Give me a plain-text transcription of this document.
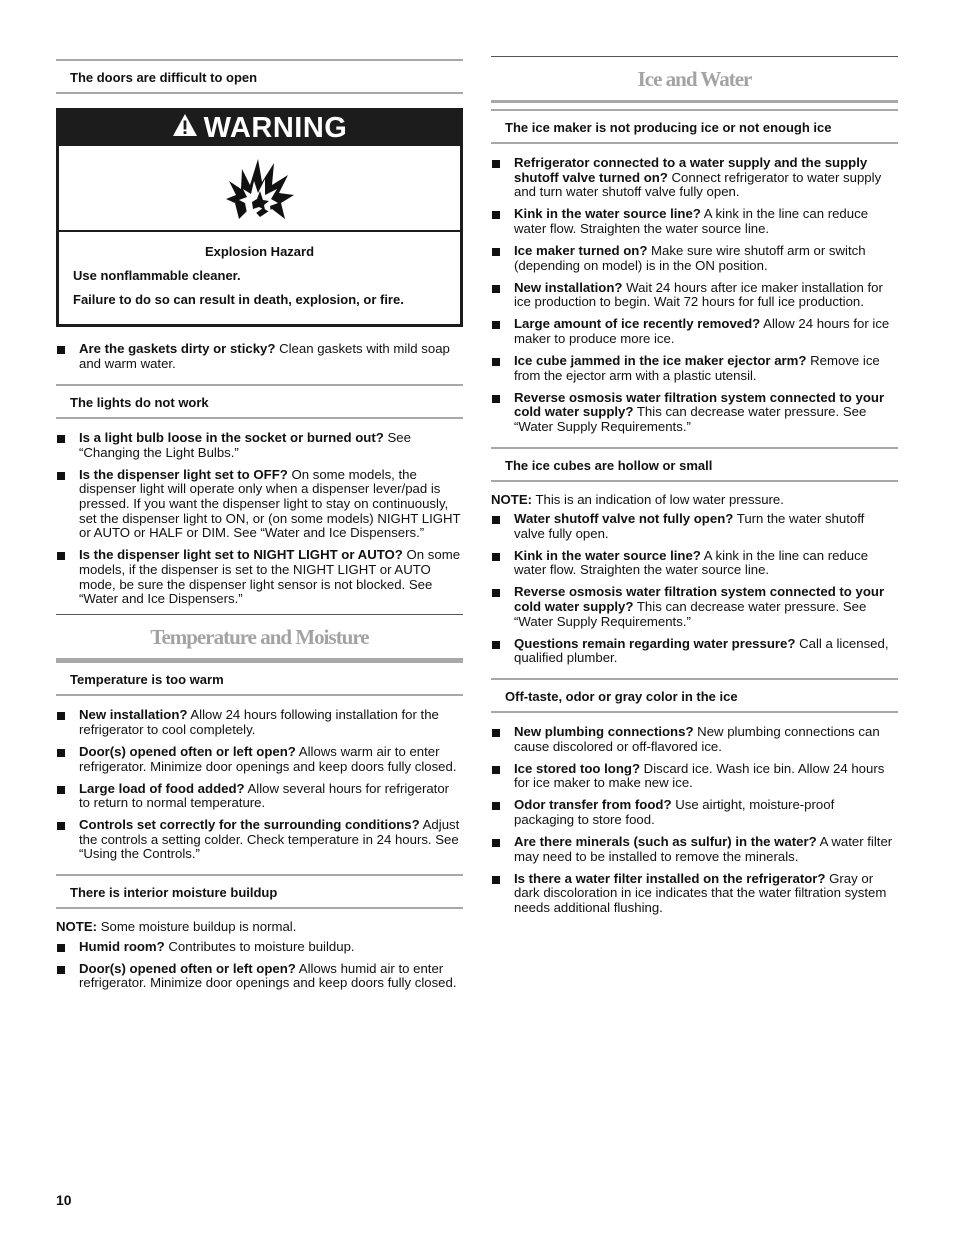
The doors are difficult to open
WARNING
Explosion Hazard
Use nonflammable cleaner.
Failure to do so can result in death, explosion, or fire.
Are the gaskets dirty or sticky? Clean gaskets with mild soap and warm water.
The lights do not work
Is a light bulb loose in the socket or burned out? See “Changing the Light Bulbs.”
Is the dispenser light set to OFF? On some models, the dispenser light will operate only when a dispenser lever/pad is pressed. If you want the dispenser light to stay on continuously, set the dispenser light to ON, or (on some models) NIGHT LIGHT or AUTO or HALF or DIM. See “Water and Ice Dispensers.”
Is the dispenser light set to NIGHT LIGHT or AUTO? On some models, if the dispenser is set to the NIGHT LIGHT or AUTO mode, be sure the dispenser light sensor is not blocked. See “Water and Ice Dispensers.”
Temperature and Moisture
Temperature is too warm
New installation? Allow 24 hours following installation for the refrigerator to cool completely.
Door(s) opened often or left open? Allows warm air to enter refrigerator. Minimize door openings and keep doors fully closed.
Large load of food added? Allow several hours for refrigerator to return to normal temperature.
Controls set correctly for the surrounding conditions? Adjust the controls a setting colder. Check temperature in 24 hours. See “Using the Controls.”
There is interior moisture buildup
NOTE: Some moisture buildup is normal.
Humid room? Contributes to moisture buildup.
Door(s) opened often or left open? Allows humid air to enter refrigerator. Minimize door openings and keep doors fully closed.
Ice and Water
The ice maker is not producing ice or not enough ice
Refrigerator connected to a water supply and the supply shutoff valve turned on? Connect refrigerator to water supply and turn water shutoff valve fully open.
Kink in the water source line? A kink in the line can reduce water flow. Straighten the water source line.
Ice maker turned on? Make sure wire shutoff arm or switch (depending on model) is in the ON position.
New installation? Wait 24 hours after ice maker installation for ice production to begin. Wait 72 hours for full ice production.
Large amount of ice recently removed? Allow 24 hours for ice maker to produce more ice.
Ice cube jammed in the ice maker ejector arm? Remove ice from the ejector arm with a plastic utensil.
Reverse osmosis water filtration system connected to your cold water supply? This can decrease water pressure. See “Water Supply Requirements.”
The ice cubes are hollow or small
NOTE: This is an indication of low water pressure.
Water shutoff valve not fully open? Turn the water shutoff valve fully open.
Kink in the water source line? A kink in the line can reduce water flow. Straighten the water source line.
Reverse osmosis water filtration system connected to your cold water supply? This can decrease water pressure. See “Water Supply Requirements.”
Questions remain regarding water pressure? Call a licensed, qualified plumber.
Off-taste, odor or gray color in the ice
New plumbing connections? New plumbing connections can cause discolored or off-flavored ice.
Ice stored too long? Discard ice. Wash ice bin. Allow 24 hours for ice maker to make new ice.
Odor transfer from food? Use airtight, moisture-proof packaging to store food.
Are there minerals (such as sulfur) in the water? A water filter may need to be installed to remove the minerals.
Is there a water filter installed on the refrigerator? Gray or dark discoloration in ice indicates that the water filtration system needs additional flushing.
10
